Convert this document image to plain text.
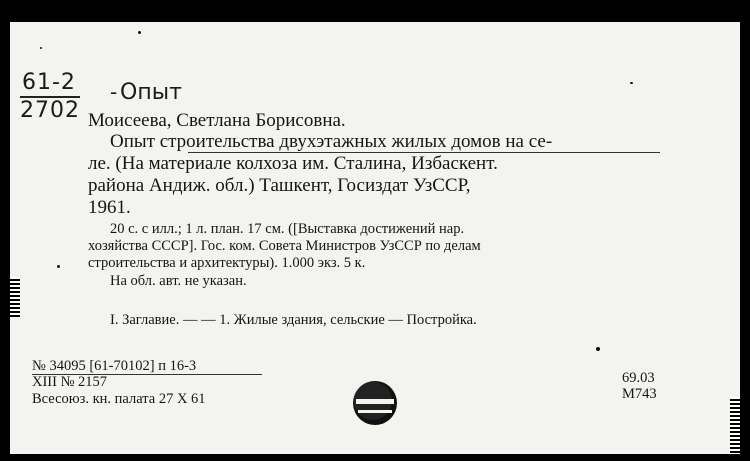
61-2
2702
- Опыт
Моисеева, Светлана Борисовна.
Опыт строительства двухэтажных жилых домов на се-
ле. (На материале колхоза им. Сталина, Избаскент.
района Андиж. обл.) Ташкент, Госиздат УзССР,
1961.
20 с. с илл.; 1 л. план. 17 см. ([Выставка достижений нар.
хозяйства СССР]. Гос. ком. Совета Министров УзССР по делам
строительства и архитектуры). 1.000 экз. 5 к.
На обл. авт. не указан.
I. Заглавие. — — 1. Жилые здания, сельские — Постройка.
№ 34095 [61-70102] п 16-3
XIII № 2157
Всесоюз. кн. палата 27 X 61
69.03
М743
